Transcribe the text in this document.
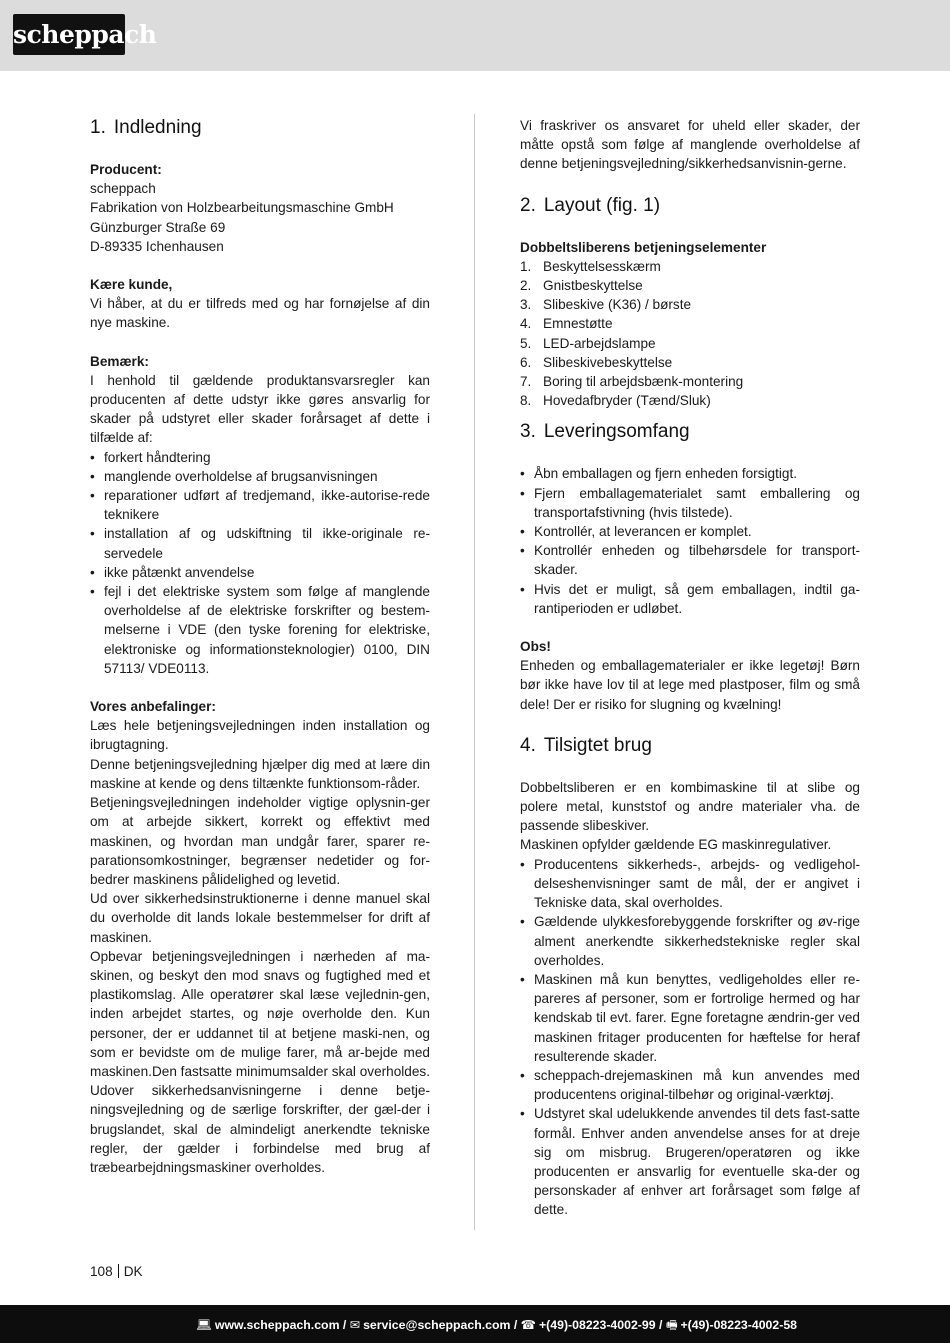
scheppach
1. Indledning
Producent:
scheppach
Fabrikation von Holzbearbeitungsmaschine GmbH
Günzburger Straße 69
D-89335 Ichenhausen
Kære kunde,

Vi håber, at du er tilfreds med og har fornøjelse af din nye maskine.

Bemærk:

I henhold til gældende produktansvarsregler kan producenten af dette udstyr ikke gøres ansvarlig for skader på udstyret eller skader forårsaget af dette i tilfælde af:

• forkert håndtering
• manglende overholdelse af brugsanvisningen
• reparationer udført af tredjemand, ikke-autorise-rede teknikere
• installation af og udskiftning til ikke-originale re-servedele
• ikke påtænkt anvendelse
• fejl i det elektriske system som følge af manglende overholdelse af de elektriske forskrifter og bestem-melserne i VDE (den tyske forening for elektriske, elektroniske og informationsteknologier) 0100, DIN 57113/ VDE0113.
Vores anbefalinger:

Læs hele betjeningsvejledningen inden installation og ibrugtagning.

Denne betjeningsvejledning hjælper dig med at lære din maskine at kende og dens tiltænkte funktionsom-råder.

Betjeningsvejledningen indeholder vigtige oplysnin-ger om at arbejde sikkert, korrekt og effektivt med maskinen, og hvordan man undgår farer, sparer re-parationsomkostninger, begrænser nedetider og for-bedrer maskinens pålidelighed og levetid.

Ud over sikkerhedsinstruktionerne i denne manuel skal du overholde dit lands lokale bestemmelser for drift af maskinen.

Opbevar betjeningsvejledningen i nærheden af ma-skinen, og beskyt den mod snavs og fugtighed med et plastikomslag. Alle operatører skal læse vejlednin-gen, inden arbejdet startes, og nøje overholde den. Kun personer, der er uddannet til at betjene maski-nen, og som er bevidste om de mulige farer, må ar-bejde med maskinen.Den fastsatte minimumsalder skal overholdes.

Udover sikkerhedsanvisningerne i denne betje-ningsvejledning og de særlige forskrifter, der gæl-der i brugslandet, skal de almindeligt anerkendte tekniske regler, der gælder i forbindelse med brug af træbearbejdningsmaskiner overholdes.

Vi fraskriver os ansvaret for uheld eller skader, der måtte opstå som følge af manglende overholdelse af denne betjeningsvejledning/sikkerhedsanvisnin-gerne.

2. Layout (fig. 1)
Dobbeltsliberens betjeningselementer
1. Beskyttelsesskærm
2. Gnistbeskyttelse
3. Slibeskive (K36) / børste
4. Emnestøtte
5. LED-arbejdslampe
6. Slibeskivebeskyttelse
7. Boring til arbejdsbænk-montering
8. Hovedafbryder (Tænd/Sluk)
3. Leveringsomfang
• Åbn emballagen og fjern enheden forsigtigt.
• Fjern emballagematerialet samt emballering og transportafstivning (hvis tilstede).
• Kontrollér, at leverancen er komplet.
• Kontrollér enheden og tilbehørsdele for transport-skader.
• Hvis det er muligt, så gem emballagen, indtil ga-rantiperioden er udløbet.
Obs!

Enheden og emballagematerialer er ikke legetøj! Børn bør ikke have lov til at lege med plastposer, film og små dele! Der er risiko for slugning og kvælning!

4. Tilsigtet brug

Dobbeltsliberen er en kombimaskine til at slibe og polere metal, kunststof og andre materialer vha. de passende slibeskiver.

Maskinen opfylder gældende EG maskinregulativer.

• Producentens sikkerheds-, arbejds- og vedligehol-delseshenvisninger samt de mål, der er angivet i Tekniske data, skal overholdes.
• Gældende ulykkesforebyggende forskrifter og øv-rige alment anerkendte sikkerhedstekniske regler skal overholdes.
• Maskinen må kun benyttes, vedligeholdes eller re-pareres af personer, som er fortrolige hermed og har kendskab til evt. farer. Egne foretagne ændrin-ger ved maskinen fritager producenten for hæftelse for heraf resulterende skader.
• scheppach-drejemaskinen må kun anvendes med producentens original-tilbehør og original-værktøj.
• Udstyret skal udelukkende anvendes til dets fast-satte formål. Enhver anden anvendelse anses for at dreje sig om misbrug. Brugeren/operatøren og ikke producenten er ansvarlig for eventuelle ska-der og personskader af enhver art forårsaget som følge af dette.
108 DK
💻︎ www.scheppach.com / ✉︎ service@scheppach.com / ☎︎ +(49)-08223-4002-99 / 🖷︎ +(49)-08223-4002-58
